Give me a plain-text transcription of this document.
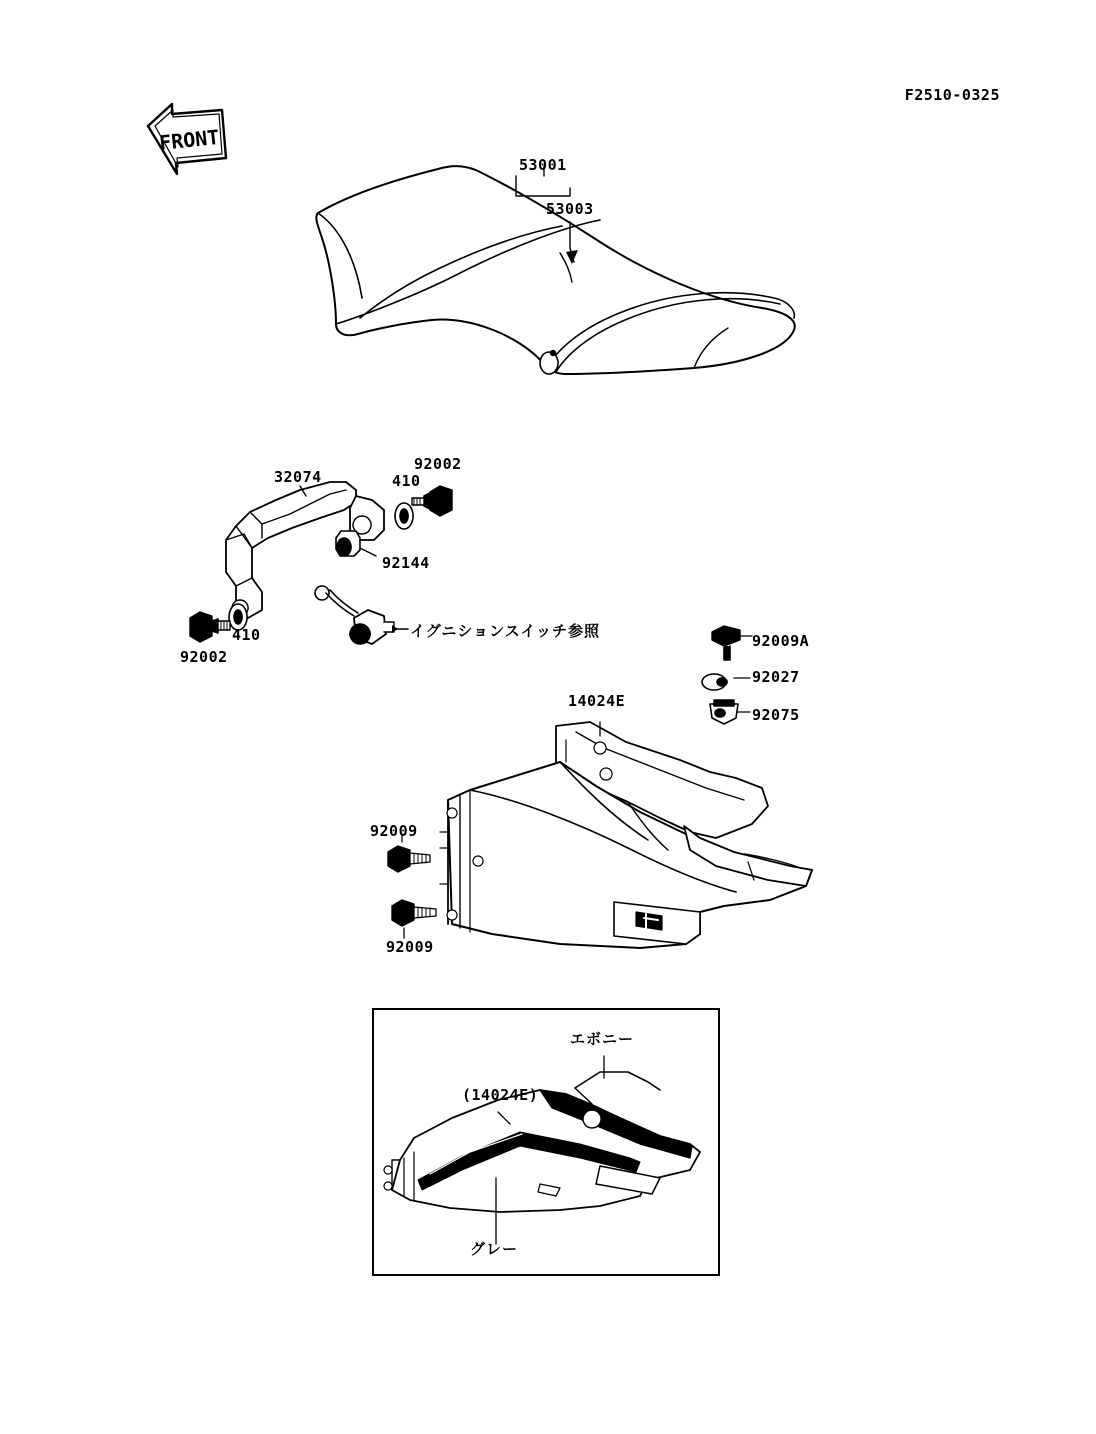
F2510-0325
FRONT
53001
53003
32074
92002
410
92144
410
92002
イグニションスイッチ参照
14024E
92009A
92027
92075
92009
92009
(14024E)
エボニー
グレー
